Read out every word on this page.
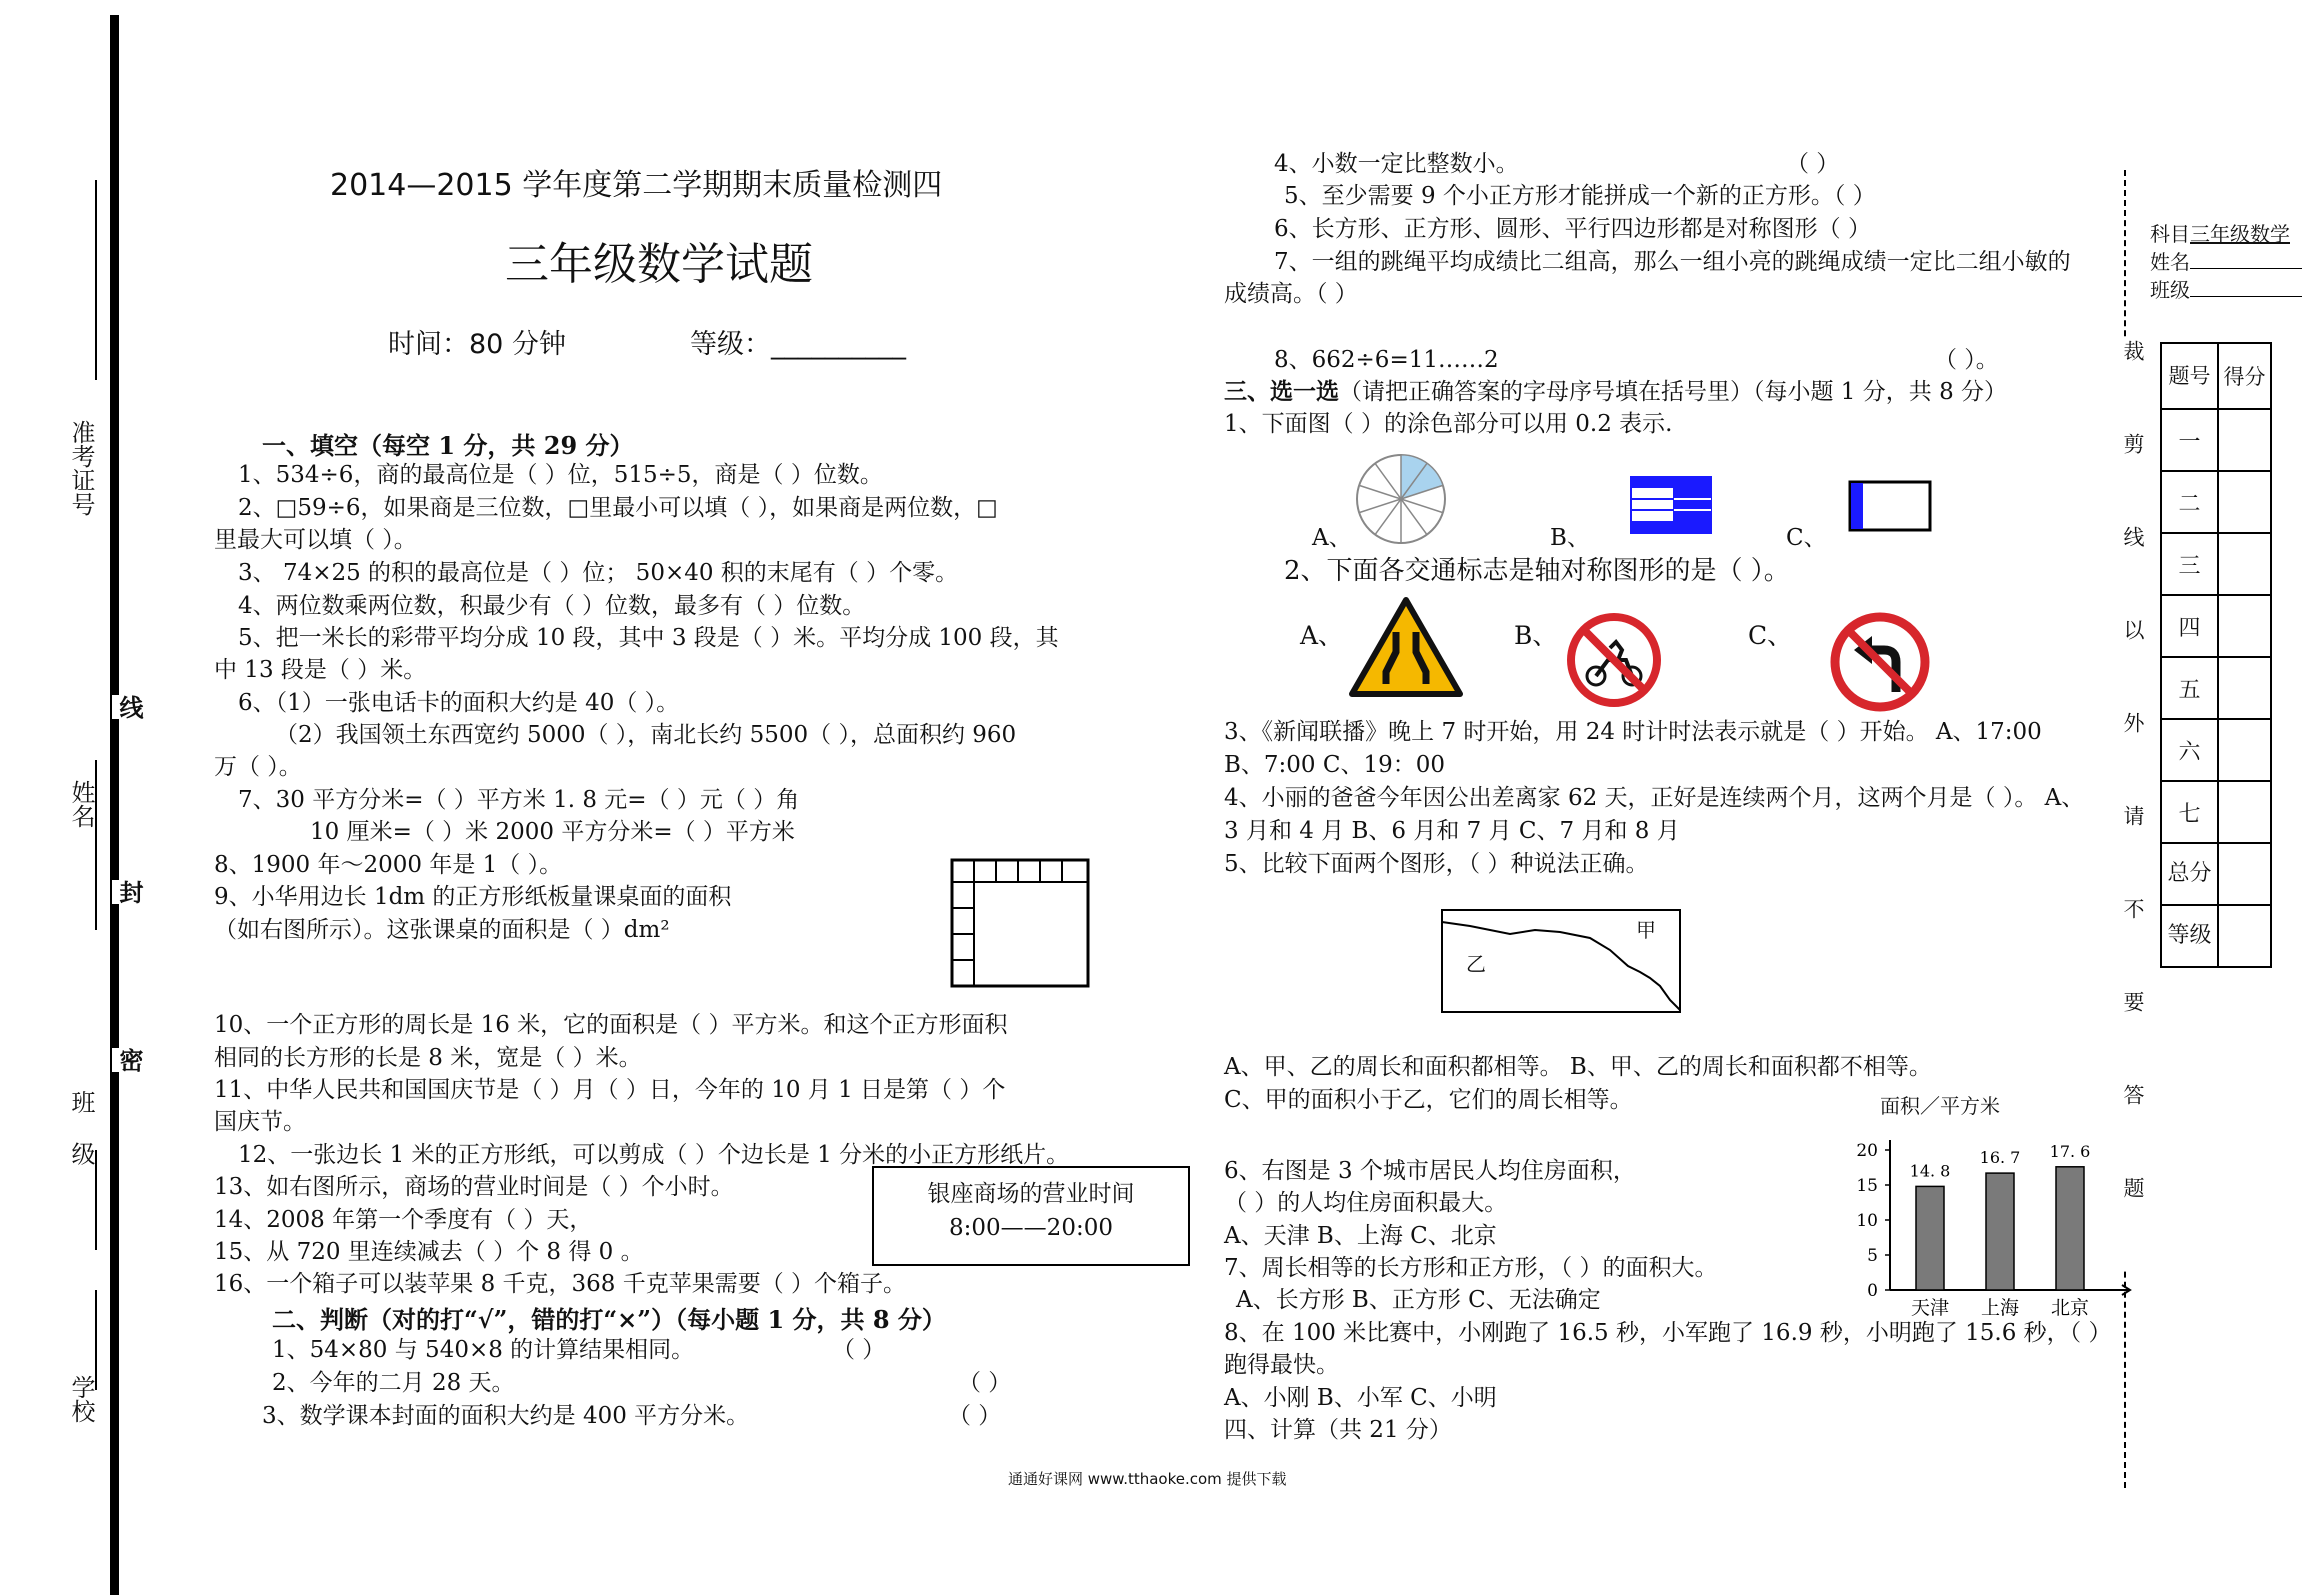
准考证号
线
姓名
封
密
班 级
学校
2014—2015 学年度第二学期期末质量检测四
三年级数学试题
时间：80 分钟	等级：__________
一、填空（每空 1 分，共 29 分）
1、534÷6，商的最高位是（ ）位，515÷5，商是（ ）位数。
2、□59÷6，如果商是三位数，□里最小可以填（ ），如果商是两位数，□
里最大可以填（ ）。
3、 74×25 的积的最高位是（ ）位； 50×40 积的末尾有（ ）个零。
4、两位数乘两位数，积最少有（ ）位数，最多有（ ）位数。
5、把一米长的彩带平均分成 10 段，其中 3 段是（ ）米。平均分成 100 段，其
中 13 段是（ ）米。
6、（1）一张电话卡的面积大约是 40（ ）。
（2）我国领土东西宽约 5000（ ），南北长约 5500（ ），总面积约 960
万（ ）。
7、30 平方分米=（ ）平方米 1. 8 元=（ ）元（ ）角
10 厘米=（ ）米 2000 平方分米=（ ）平方米
8、1900 年～2000 年是 1（ ）。
9、小华用边长 1dm 的正方形纸板量课桌面的面积
（如右图所示）。这张课桌的面积是（ ）dm²
10、一个正方形的周长是 16 米，它的面积是（ ）平方米。和这个正方形面积
相同的长方形的长是 8 米，宽是（ ）米。
11、中华人民共和国国庆节是（ ）月（ ）日，今年的 10 月 1 日是第（ ）个
国庆节。
12、一张边长 1 米的正方形纸，可以剪成（ ）个边长是 1 分米的小正方形纸片。
13、如右图所示，商场的营业时间是（ ）个小时。
14、2008 年第一个季度有（ ）天，
15、从 720 里连续减去（ ）个 8 得 0 。
16、一个箱子可以装苹果 8 千克，368 千克苹果需要（ ）个箱子。
银座商场的营业时间
8:00——20:00
二、判断（对的打“√”，错的打“×”）（每小题 1 分，共 8 分）
1、54×80 与 540×8 的计算结果相同。	（ ）
2、今年的二月 28 天。	（ ）
3、数学课本封面的面积大约是 400 平方分米。	（ ）
4、小数一定比整数小。	（ ）
5、至少需要 9 个小正方形才能拼成一个新的正方形。（ ）
6、长方形、正方形、圆形、平行四边形都是对称图形（ ）
7、一组的跳绳平均成绩比二组高，那么一组小亮的跳绳成绩一定比二组小敏的
成绩高。（ ）
8、662÷6=11……2	（ ）。
三、选一选（请把正确答案的字母序号填在括号里）（每小题 1 分，共 8 分）
1、下面图（ ）的涂色部分可以用 0.2 表示.
A、	B、	C、
2、下面各交通标志是轴对称图形的是（ ）。
A、	B、	C、
3、《新闻联播》晚上 7 时开始，用 24 时计时法表示就是（ ）开始。 A、17:00
B、7:00 C、19：00
4、小丽的爸爸今年因公出差离家 62 天，正好是连续两个月，这两个月是（ ）。 A、
3 月和 4 月 B、6 月和 7 月 C、7 月和 8 月
5、比较下面两个图形，（ ）种说法正确。
甲
乙
A、甲、乙的周长和面积都相等。 B、甲、乙的周长和面积都不相等。
C、甲的面积小于乙，它们的周长相等。	面积／平方米
0
5
10
15
20
14. 8
天津
16. 7
上海
17. 6
北京
6、右图是 3 个城市居民人均住房面积，
（ ）的人均住房面积最大。
A、天津 B、上海 C、北京
7、周长相等的长方形和正方形，（ ）的面积大。
A、长方形 B、正方形 C、无法确定
8、在 100 米比赛中，小刚跑了 16.5 秒，小军跑了 16.9 秒，小明跑了 15.6 秒，（ ）
跑得最快。
A、小刚 B、小军 C、小明
四、计算（共 21 分）
裁剪线以外请不要答题
科目三年级数学
姓名
班级
题号	得分
一	
二	
三	
四	
五	
六	
七	
总分	
等级	
通通好课网 www.tthaoke.com 提供下载
